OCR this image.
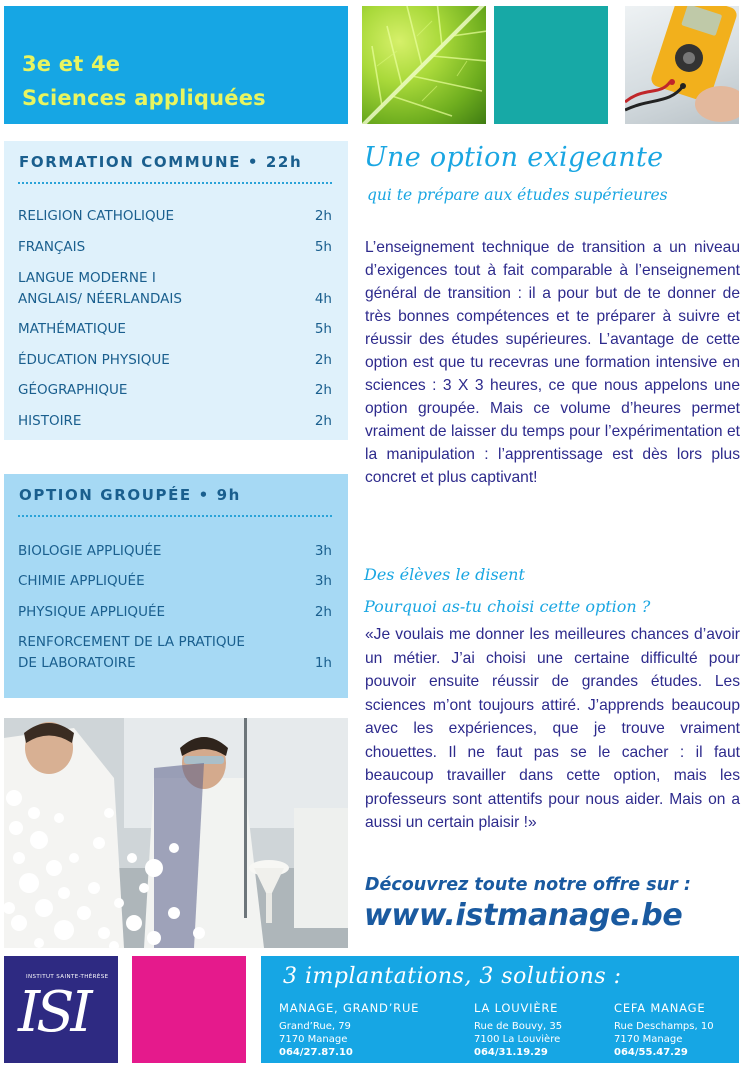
3e et 4e
Sciences appliquées
FORMATION COMMUNE • 22h
RELIGION CATHOLIQUE	2h
FRANÇAIS	5h
LANGUE MODERNE I
ANGLAIS/ NÉERLANDAIS	4h
MATHÉMATIQUE	5h
ÉDUCATION PHYSIQUE	2h
GÉOGRAPHIQUE	2h
HISTOIRE	2h
OPTION GROUPÉE • 9h
BIOLOGIE APPLIQUÉE	3h
CHIMIE APPLIQUÉE	3h
PHYSIQUE APPLIQUÉE	2h
RENFORCEMENT DE LA PRATIQUE
DE LABORATOIRE	1h
Une option exigeante
qui te prépare aux études supérieures

L’enseignement technique de transition a un niveau d’exigences tout à fait comparable à l’enseignement général de transition : il a pour but de te donner de très bonnes compétences et te préparer à suivre et réussir des études supérieures. L’avantage de cette option est que tu recevras une formation intensive en sciences : 3 X 3 heures, ce que nous appelons une option groupée. Mais ce volume d’heures permet vraiment de laisser du temps pour l’expérimentation et la manipulation : l’apprentissage est dès lors plus concret et plus captivant!

Des élèves le disent
Pourquoi as-tu choisi cette option ?

«Je voulais me donner les meilleures chances d’avoir un métier. J’ai choisi une certaine difficulté pour pouvoir ensuite réussir de grandes études. Les sciences m’ont toujours attiré. J’apprends beaucoup avec les expériences, que je trouve vraiment chouettes. Il ne faut pas se le cacher : il faut beaucoup travailler dans cette option, mais les professeurs sont attentifs pour nous aider. Mais on a aussi un certain plaisir !»

Découvrez toute notre offre sur :
www.istmanage.be
INSTITUT SAINTE-THÉRÈSE
ISI
3 implantations, 3 solutions :
MANAGE, GRAND’RUE
Grand’Rue, 79
7170 Manage
064/27.87.10
LA LOUVIÈRE
Rue de Bouvy, 35
7100 La Louvière
064/31.19.29
CEFA MANAGE
Rue Deschamps, 10
7170 Manage
064/55.47.29
